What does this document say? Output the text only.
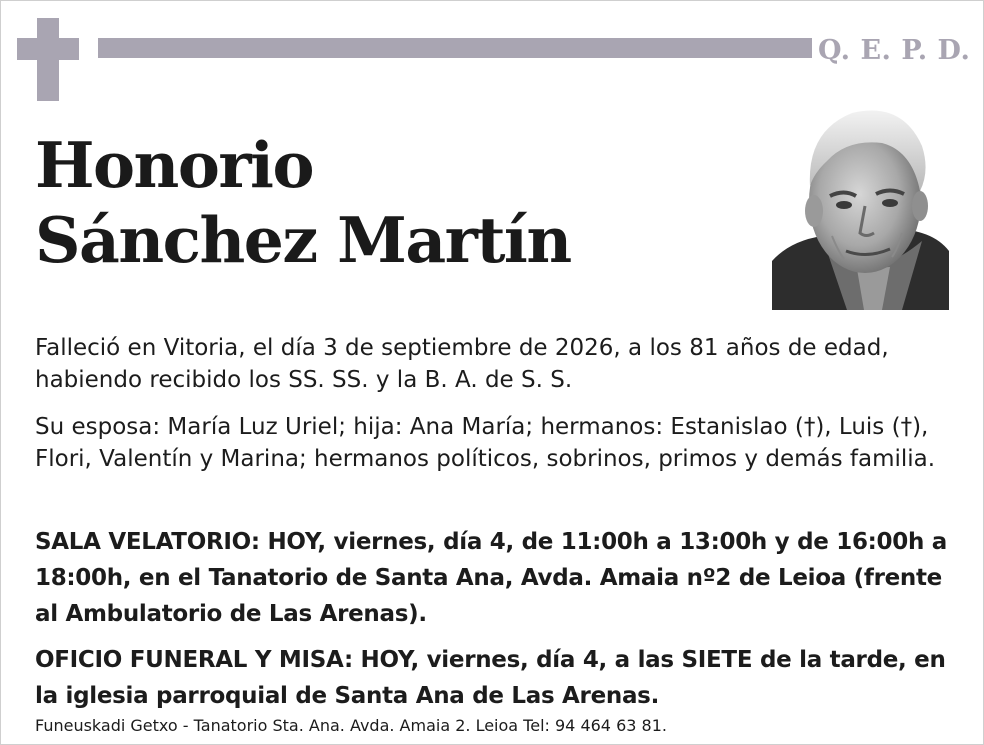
Q. E. P. D.
Honorio
Sánchez Martín

Falleció en Vitoria, el día 3 de septiembre de 2026, a los 81 años de edad, habiendo recibido los SS. SS. y la B. A. de S. S.

Su esposa: María Luz Uriel; hija: Ana María; hermanos: Estanislao (†), Luis (†), Flori, Valentín y Marina; hermanos políticos, sobrinos, primos y demás familia.

SALA VELATORIO: HOY, viernes, día 4, de 11:00h a 13:00h y de 16:00h a 18:00h, en el Tanatorio de Santa Ana, Avda. Amaia nº2 de Leioa (frente al Ambulatorio de Las Arenas).

OFICIO FUNERAL Y MISA: HOY, viernes, día 4, a las SIETE de la tarde, en la iglesia parroquial de Santa Ana de Las Arenas.

Funeuskadi Getxo - Tanatorio Sta. Ana. Avda. Amaia 2. Leioa Tel: 94 464 63 81.
